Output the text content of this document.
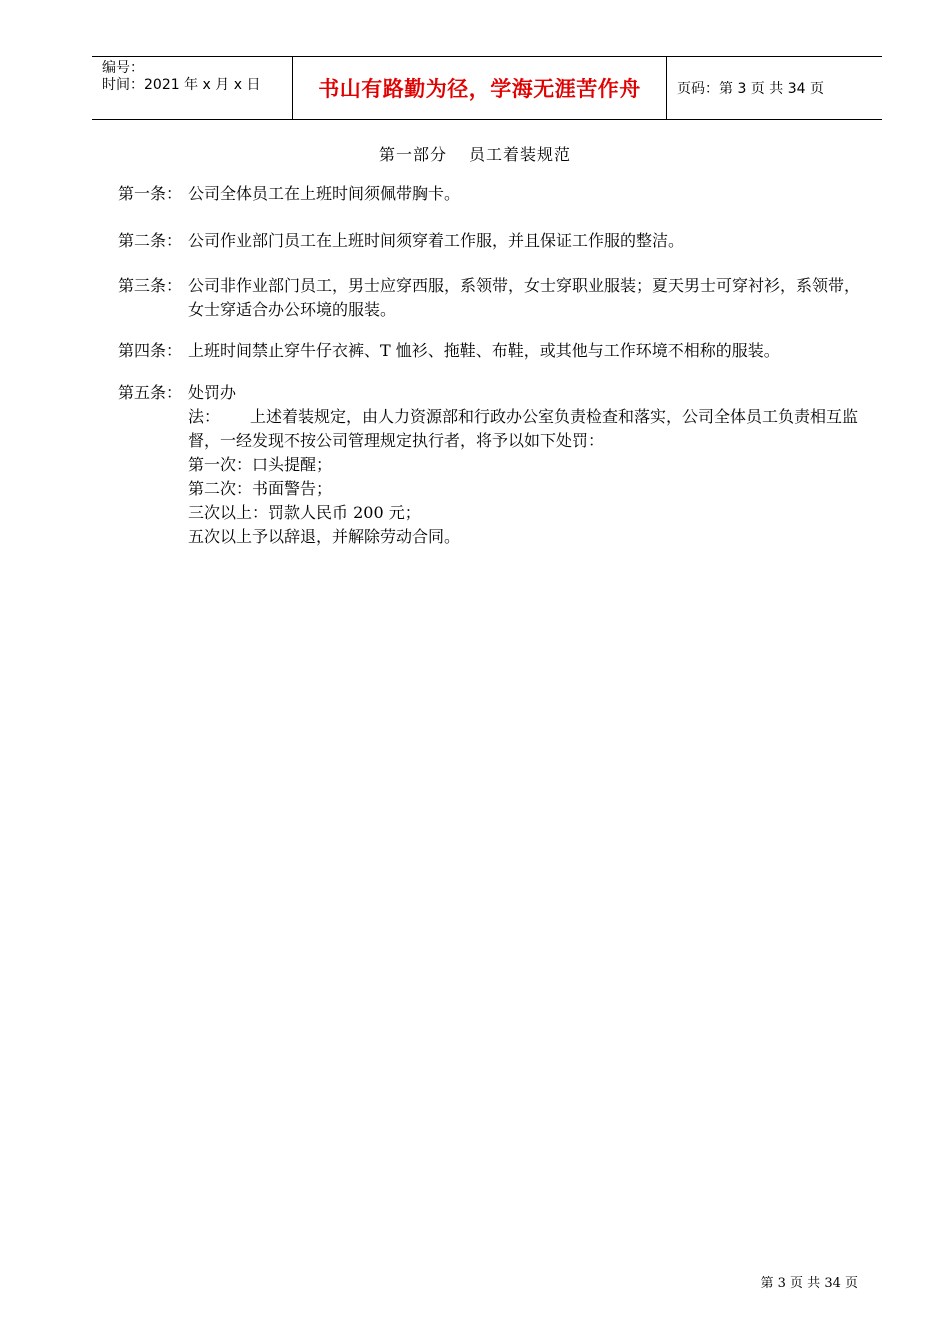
编号：
时间：2021 年 x 月 x 日	书山有路勤为径，学海无涯苦作舟	页码：第 3 页 共 34 页
第一部分 员工着装规范
第一条： 公司全体员工在上班时间须佩带胸卡。
第二条： 公司作业部门员工在上班时间须穿着工作服，并且保证工作服的整洁。
第三条： 公司非作业部门员工，男士应穿西服，系领带，女士穿职业服装；夏天男士可穿衬衫，系领带，女士穿适合办公环境的服装。
第四条： 上班时间禁止穿牛仔衣裤、T 恤衫、拖鞋、布鞋，或其他与工作环境不相称的服装。
第五条： 处罚办法： 上述着装规定，由人力资源部和行政办公室负责检查和落实，公司全体员工负责相互监督，一经发现不按公司管理规定执行者，将予以如下处罚：
第一次：口头提醒；
第二次：书面警告；
三次以上：罚款人民币 200 元；
五次以上予以辞退，并解除劳动合同。
第 3 页 共 34 页
